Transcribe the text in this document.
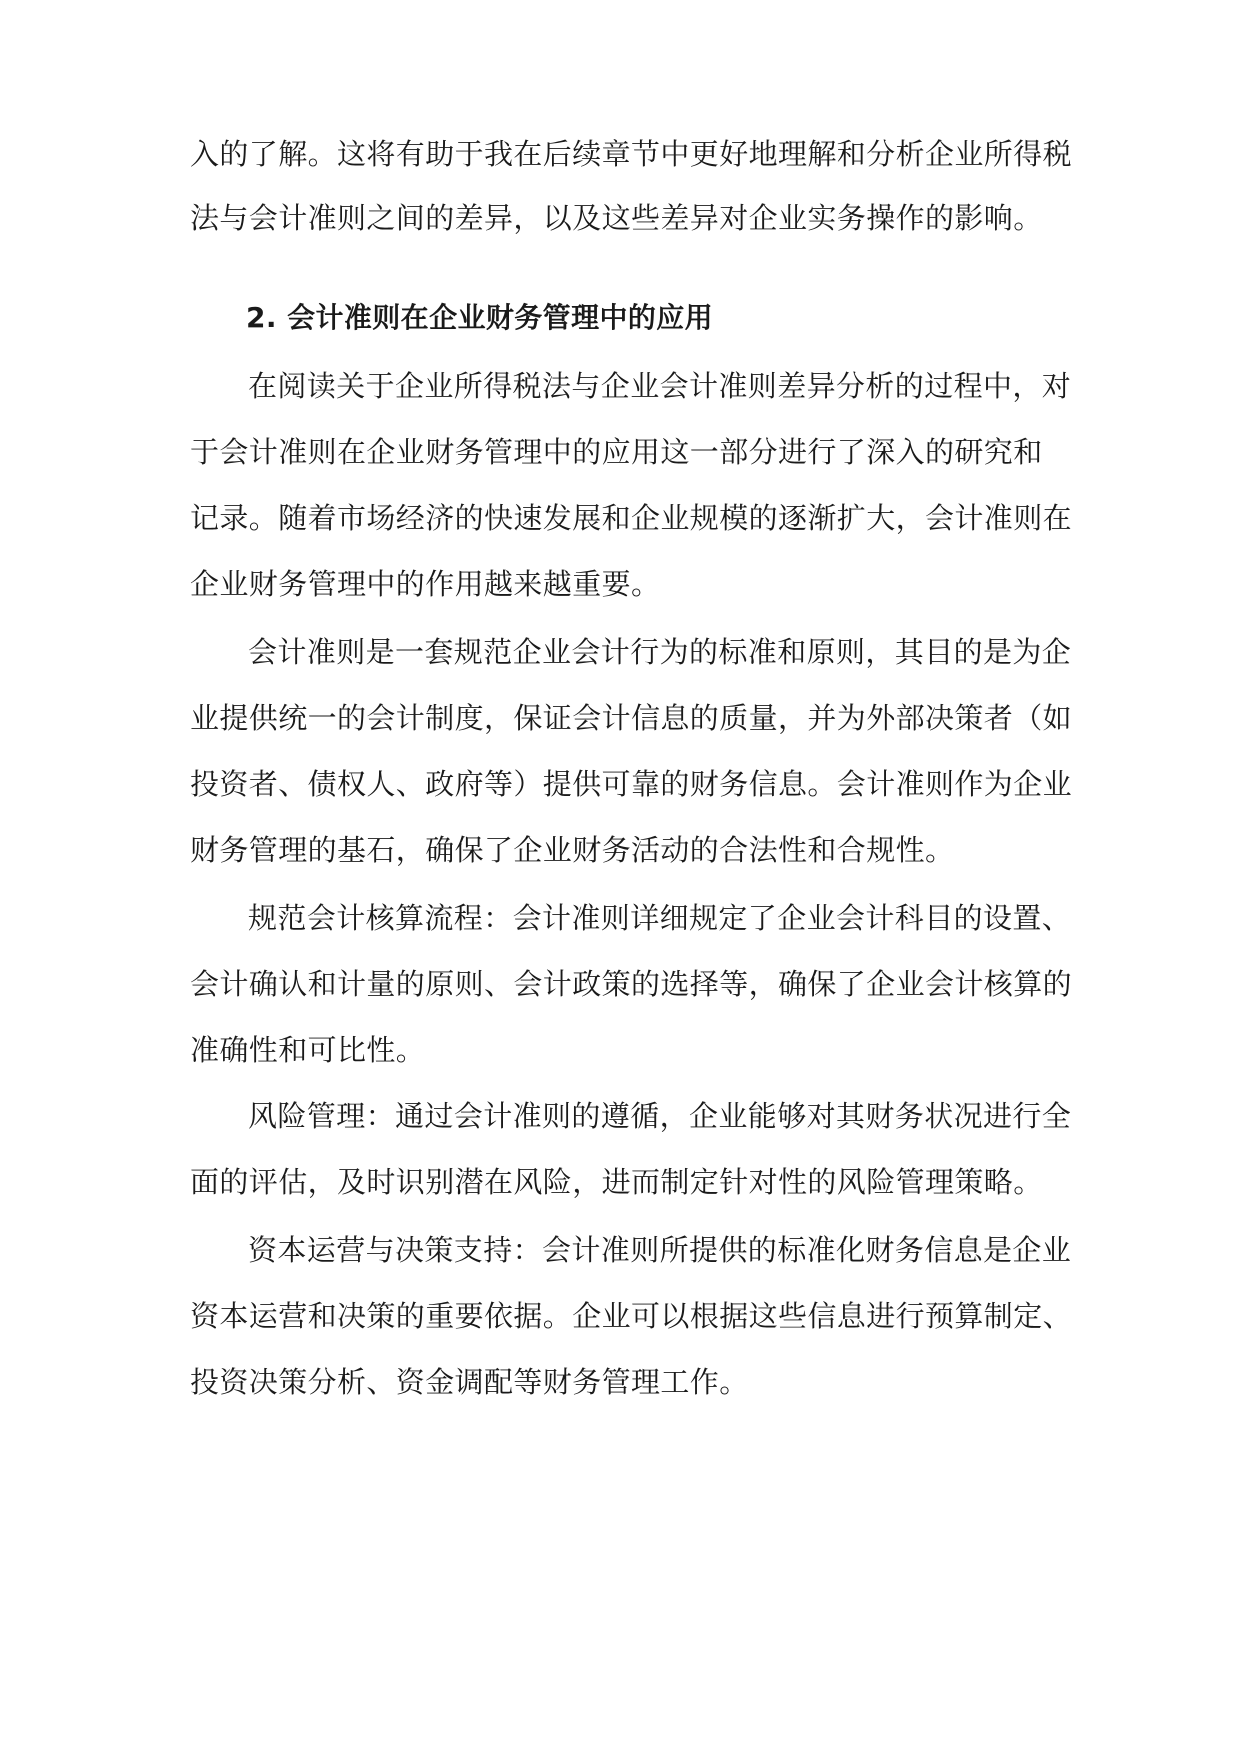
入的了解。这将有助于我在后续章节中更好地理解和分析企业所得税
法与会计准则之间的差异，以及这些差异对企业实务操作的影响。
2. 会计准则在企业财务管理中的应用
在阅读关于企业所得税法与企业会计准则差异分析的过程中，对
于会计准则在企业财务管理中的应用这一部分进行了深入的研究和
记录。随着市场经济的快速发展和企业规模的逐渐扩大，会计准则在
企业财务管理中的作用越来越重要。
会计准则是一套规范企业会计行为的标准和原则，其目的是为企
业提供统一的会计制度，保证会计信息的质量，并为外部决策者（如
投资者、债权人、政府等）提供可靠的财务信息。会计准则作为企业
财务管理的基石，确保了企业财务活动的合法性和合规性。
规范会计核算流程：会计准则详细规定了企业会计科目的设置、
会计确认和计量的原则、会计政策的选择等，确保了企业会计核算的
准确性和可比性。
风险管理：通过会计准则的遵循，企业能够对其财务状况进行全
面的评估，及时识别潜在风险，进而制定针对性的风险管理策略。
资本运营与决策支持：会计准则所提供的标准化财务信息是企业
资本运营和决策的重要依据。企业可以根据这些信息进行预算制定、
投资决策分析、资金调配等财务管理工作。
